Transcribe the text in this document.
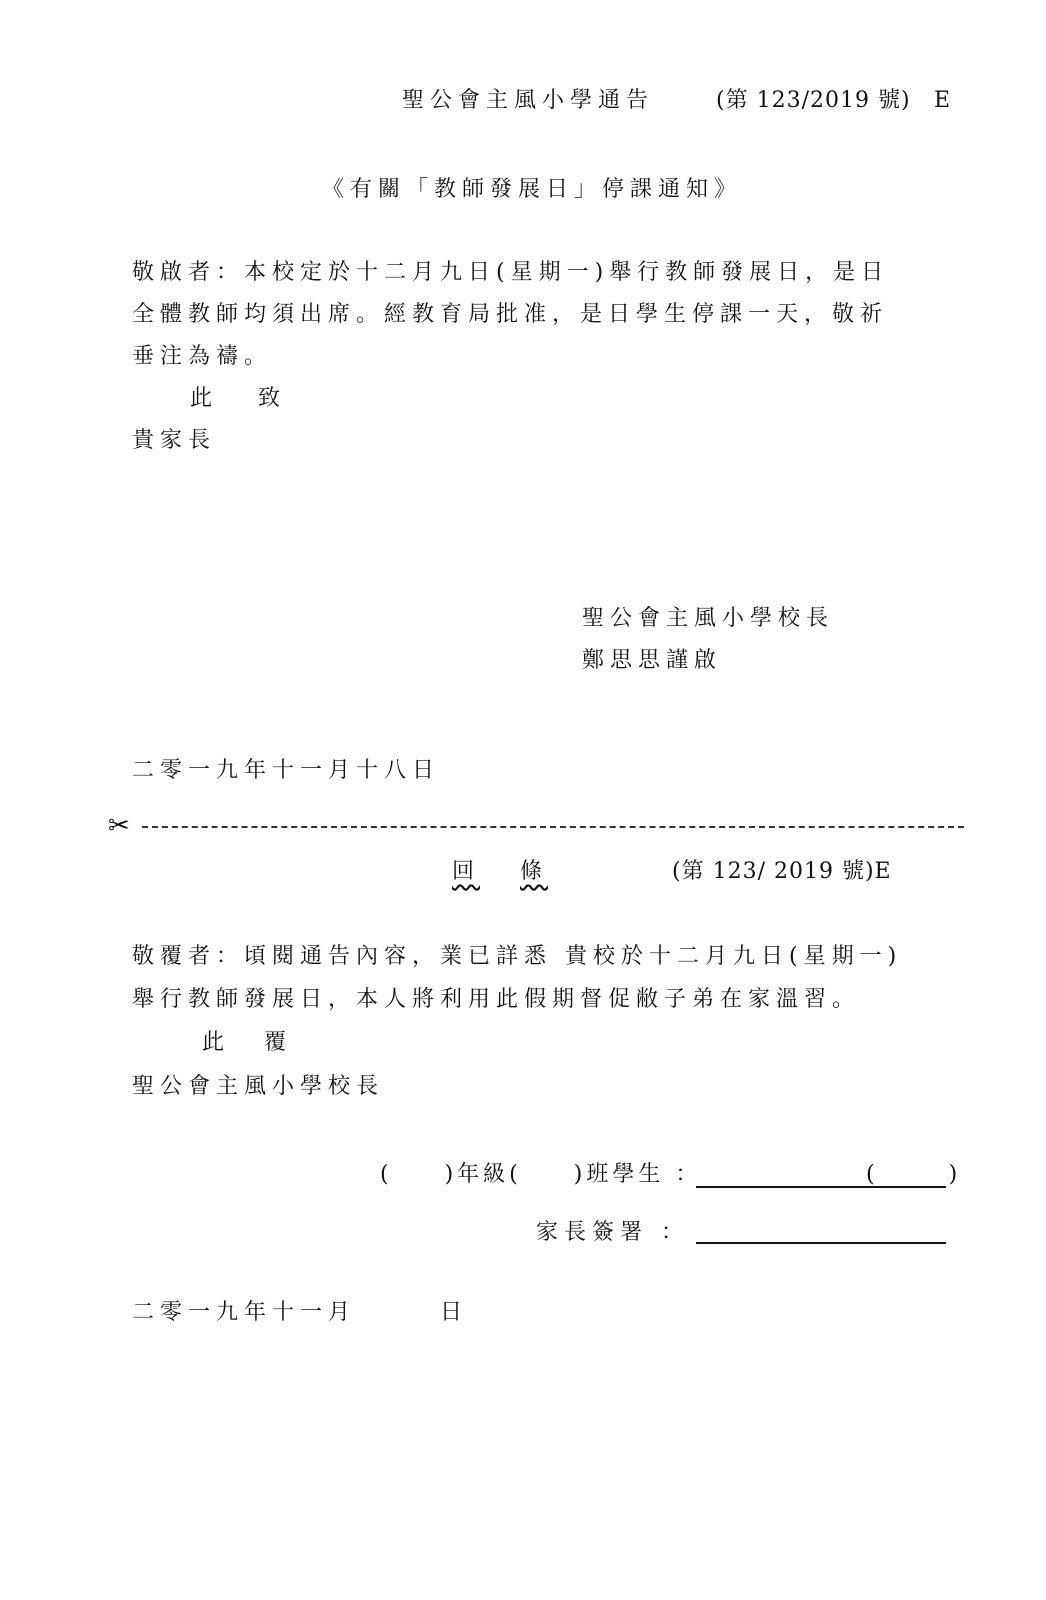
聖公會主風小學通告	(第 123/2019 號) E
《有關「教師發展日」停課通知》
敬啟者：本校定於十二月九日(星期一)舉行教師發展日，是日
全體教師均須出席。經教育局批准，是日學生停課一天，敬祈
垂注為禱。
此 致
貴家長
聖公會主風小學校長
鄭思思謹啟
二零一九年十一月十八日
✂
回 條	(第 123/ 2019 號)E
敬覆者：頃閱通告內容，業已詳悉 貴校於十二月九日(星期一)
舉行教師發展日，本人將利用此假期督促敝子弟在家溫習。
此 覆
聖公會主風小學校長
(　　)年級(　　)班學生 ：	(　　　)
家長簽署 ：
二零一九年十一月　　　日
